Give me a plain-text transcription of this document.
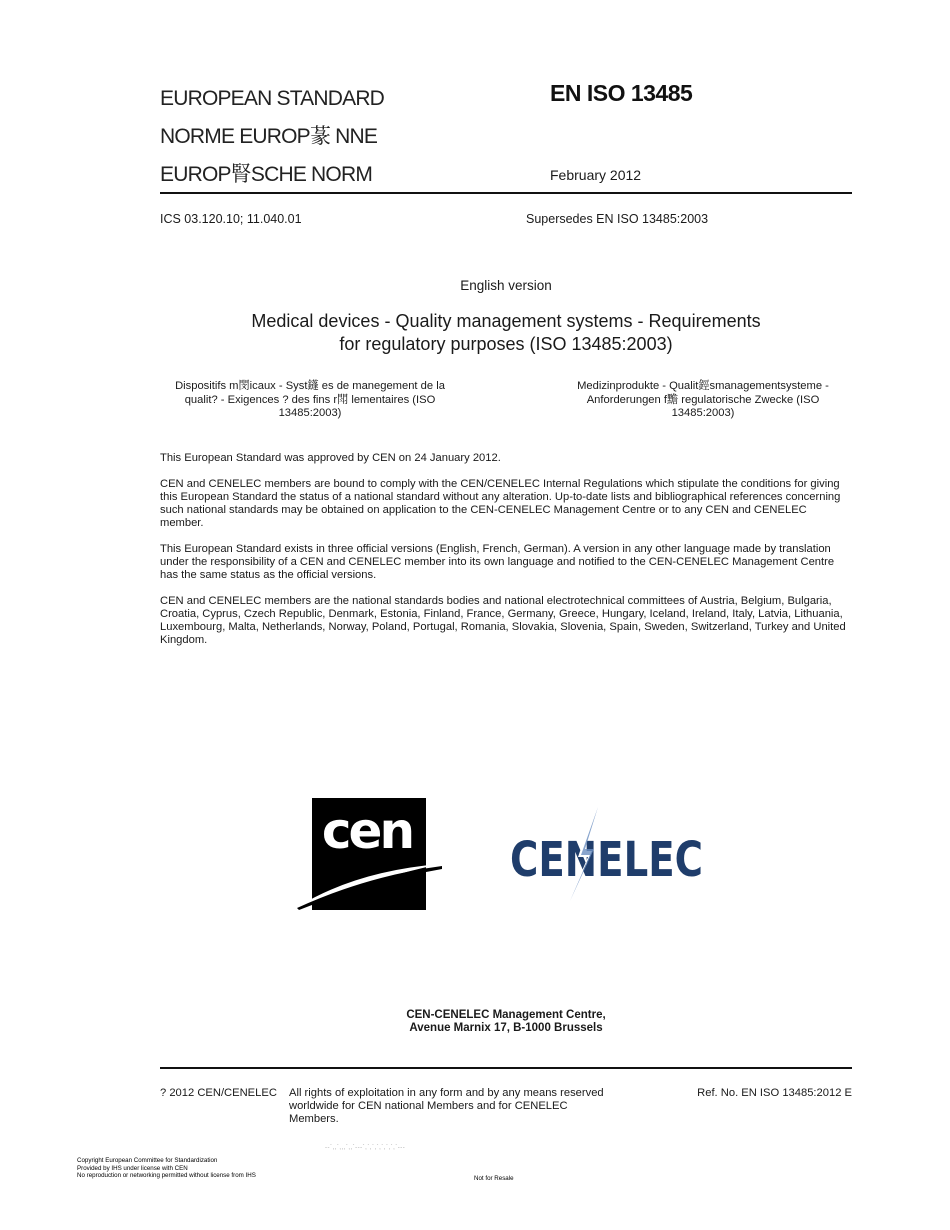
EUROPEAN STANDARD
NORME EUROP蒃 NNE
EUROP腎SCHE NORM
EN ISO 13485
February 2012
ICS 03.120.10; 11.040.01	Supersedes EN ISO 13485:2003
English version
Medical devices - Quality management systems - Requirements
for regulatory purposes (ISO 13485:2003)
Dispositifs m閔icaux - Syst鑝 es de manegement de la
qualit? - Exigences ? des fins r閗 lementaires (ISO
13485:2003)
Medizinprodukte - Qualit鋞smanagementsysteme -
Anforderungen f黵 regulatorische Zwecke (ISO
13485:2003)

This European Standard was approved by CEN on 24 January 2012.

CEN and CENELEC members are bound to comply with the CEN/CENELEC Internal Regulations which stipulate the conditions for giving this European Standard the status of a national standard without any alteration. Up-to-date lists and bibliographical references concerning such national standards may be obtained on application to the CEN-CENELEC Management Centre or to any CEN and CENELEC member.

This European Standard exists in three official versions (English, French, German). A version in any other language made by translation under the responsibility of a CEN and CENELEC member into its own language and notified to the CEN-CENELEC Management Centre has the same status as the official versions.

CEN and CENELEC members are the national standards bodies and national electrotechnical committees of Austria, Belgium, Bulgaria, Croatia, Cyprus, Czech Republic, Denmark, Estonia, Finland, France, Germany, Greece, Hungary, Iceland, Ireland, Italy, Latvia, Lithuania, Luxembourg, Malta, Netherlands, Norway, Poland, Portugal, Romania, Slovakia, Slovenia, Spain, Sweden, Switzerland, Turkey and United Kingdom.

cen CENELEC
CEN-CENELEC Management Centre,
Avenue Marnix 17, B-1000 Brussels
? 2012 CEN/CENELEC All rights of exploitation in any form and by any means reserved worldwide for CEN national Members and for CENELEC Members.
Ref. No. EN ISO 13485:2012 E
--`,,`,,,`,,`---`,`,`,`,`,`,`,`---
Copyright European Committee for Standardization
Provided by IHS under license with CEN
No reproduction or networking permitted without license from IHS	Not for Resale
